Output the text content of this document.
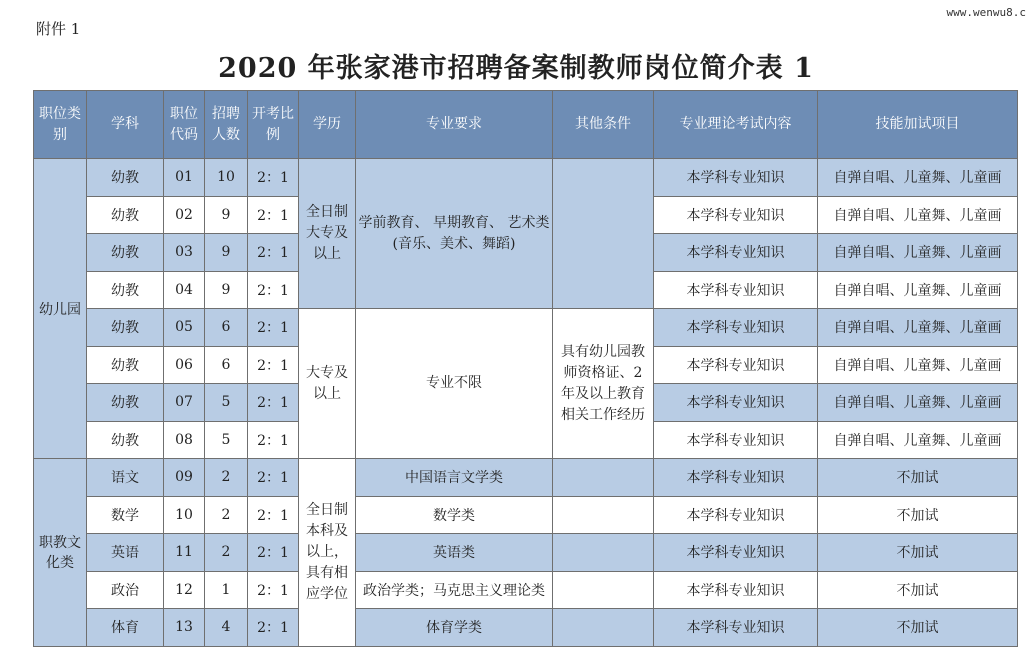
附件 1
www.wenwu8.c
2020 年张家港市招聘备案制教师岗位简介表 1
职位类别	学科	职位代码	招聘人数	开考比例	学历	专业要求	其他条件	专业理论考试内容	技能加试项目
幼儿园	幼教	01	10	2：1	全日制大专及以上	学前教育、 早期教育、 艺术类(音乐、美术、舞蹈)		本学科专业知识	自弹自唱、儿童舞、儿童画
	幼教	02	9	2：1				本学科专业知识	自弹自唱、儿童舞、儿童画
	幼教	03	9	2：1				本学科专业知识	自弹自唱、儿童舞、儿童画
	幼教	04	9	2：1				本学科专业知识	自弹自唱、儿童舞、儿童画
	幼教	05	6	2：1	大专及以上	专业不限	具有幼儿园教师资格证、2 年及以上教育相关工作经历	本学科专业知识	自弹自唱、儿童舞、儿童画
	幼教	06	6	2：1				本学科专业知识	自弹自唱、儿童舞、儿童画
	幼教	07	5	2：1				本学科专业知识	自弹自唱、儿童舞、儿童画
	幼教	08	5	2：1				本学科专业知识	自弹自唱、儿童舞、儿童画
职教文化类	语文	09	2	2：1	全日制本科及以上，具有相应学位	中国语言文学类		本学科专业知识	不加试
	数学	10	2	2：1		数学类		本学科专业知识	不加试
	英语	11	2	2：1		英语类		本学科专业知识	不加试
	政治	12	1	2：1		政治学类；马克思主义理论类		本学科专业知识	不加试
	体育	13	4	2：1		体育学类		本学科专业知识	不加试
